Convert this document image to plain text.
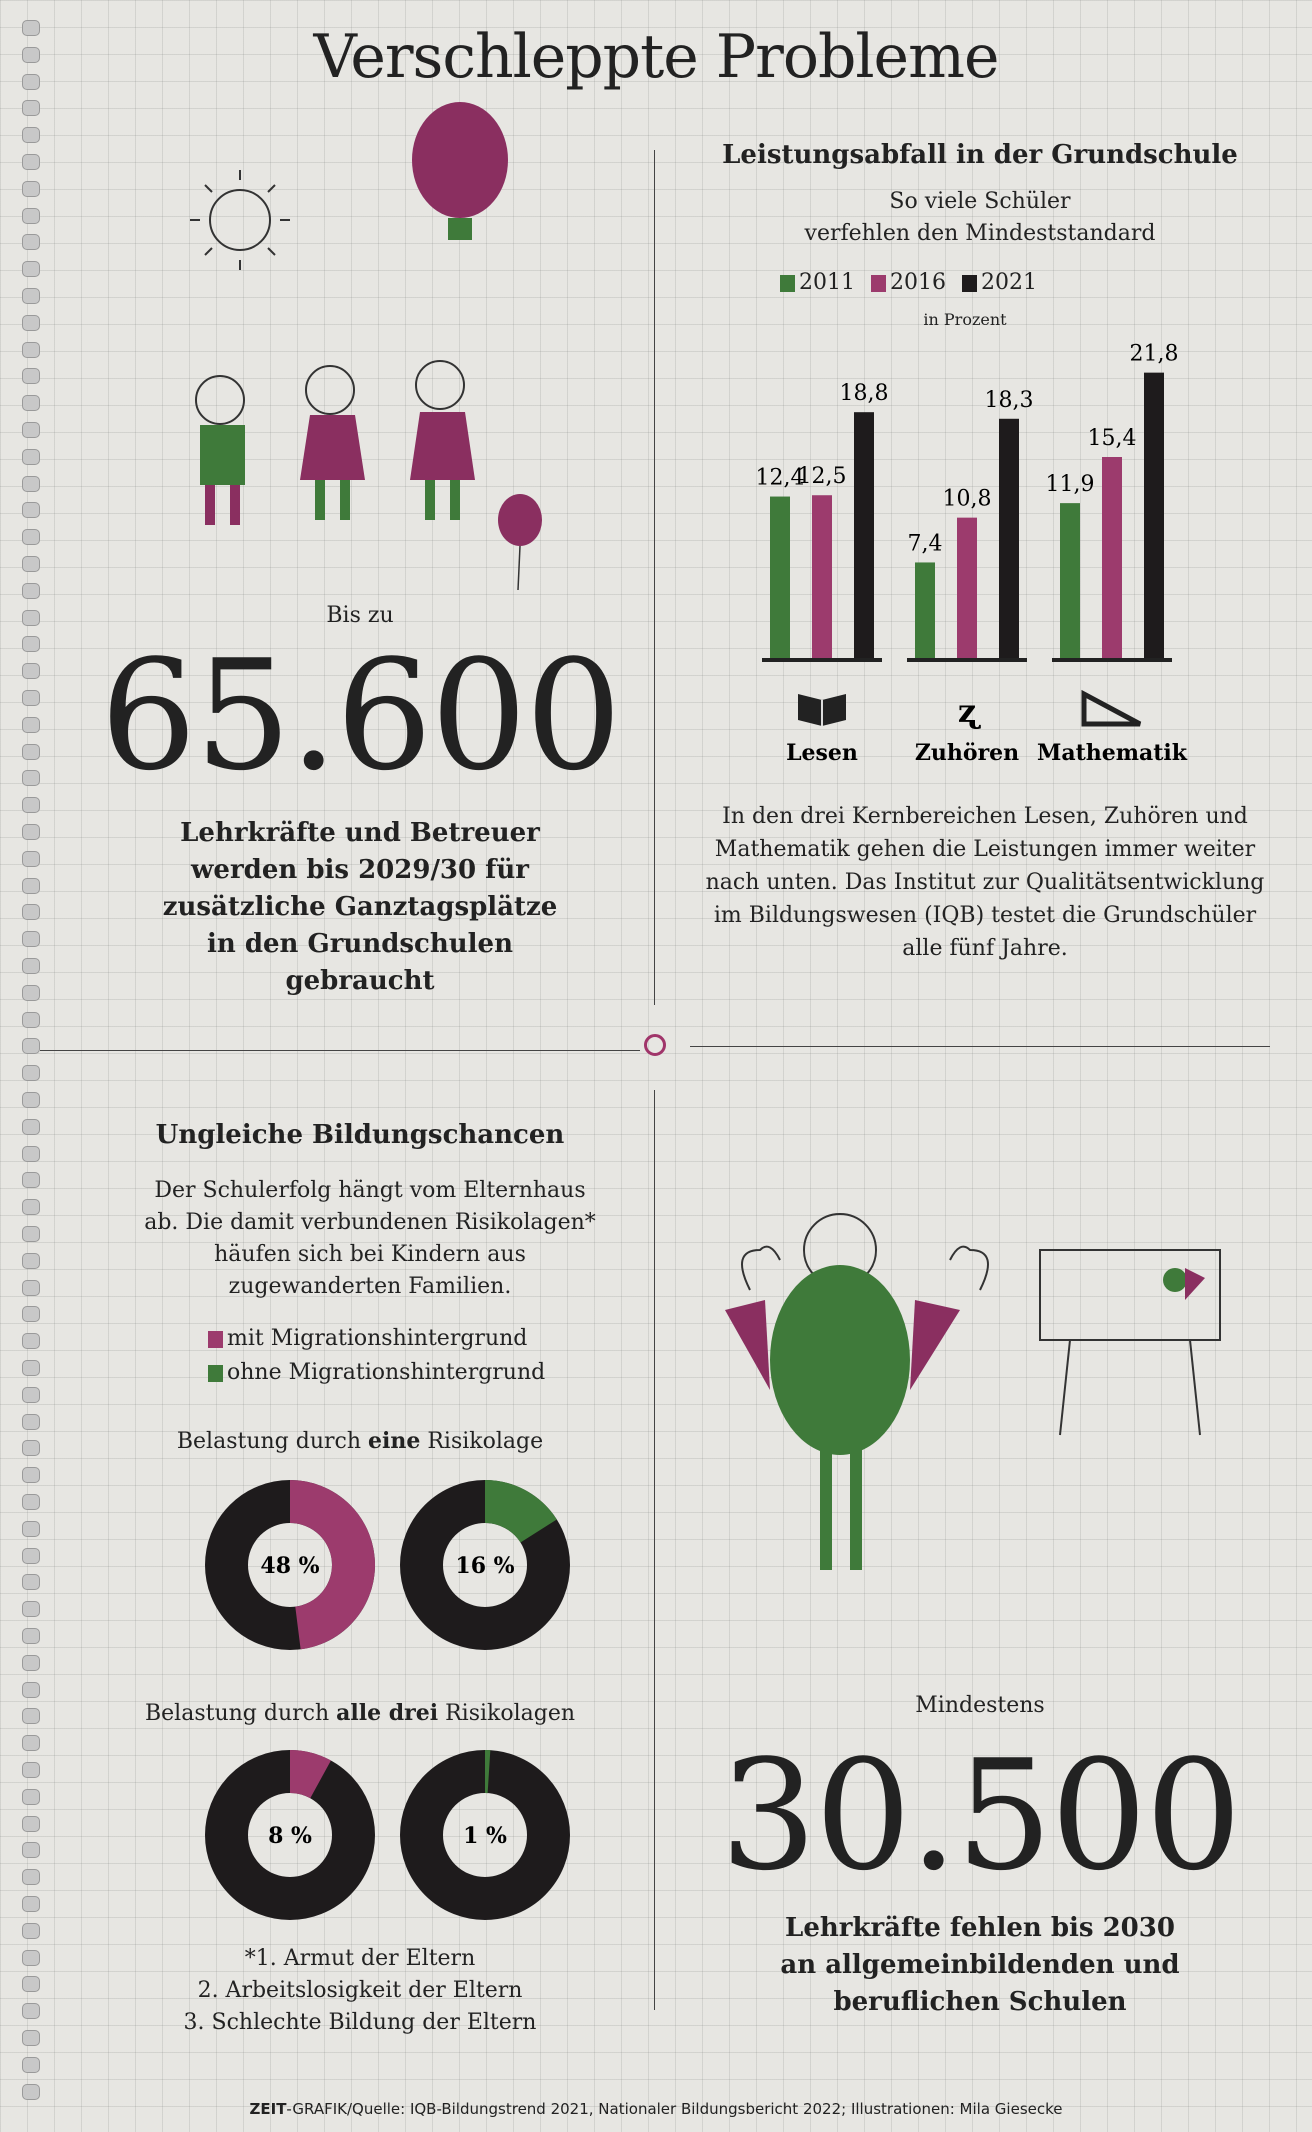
Verschleppte Probleme
Bis zu
65.600
Lehrkräfte und Betreuer werden bis 2029/30 für zusätzliche Ganztagsplätze in den Grundschulen gebraucht
Leistungsabfall in der Grundschule
So viele Schüler
verfehlen den Mindeststandard
2011 2016 2021
in Prozent
12,4
12,5
18,8
Lesen
7,4
10,8
18,3
ʐ
Zuhören
11,9
15,4
21,8
Mathematik
In den drei Kernbereichen Lesen, Zuhören und Mathematik gehen die Leistungen immer weiter nach unten. Das Institut zur Qualitätsentwicklung im Bildungswesen (IQB) testet die Grundschüler alle fünf Jahre.
Ungleiche Bildungschancen
Der Schulerfolg hängt vom Elternhaus ab. Die damit verbundenen Risikolagen* häufen sich bei Kindern aus zugewanderten Familien.
mit Migrationshintergrund
ohne Migrationshintergrund
Belastung durch eine Risikolage
48 %	16 %
Belastung durch alle drei Risikolagen
8 %	1 %
*1. Armut der Eltern
2. Arbeitslosigkeit der Eltern
3. Schlechte Bildung der Eltern
Mindestens
30.500
Lehrkräfte fehlen bis 2030 an allgemeinbildenden und beruflichen Schulen
ZEIT-GRAFIK/Quelle: IQB-Bildungstrend 2021, Nationaler Bildungsbericht 2022; Illustrationen: Mila Giesecke
